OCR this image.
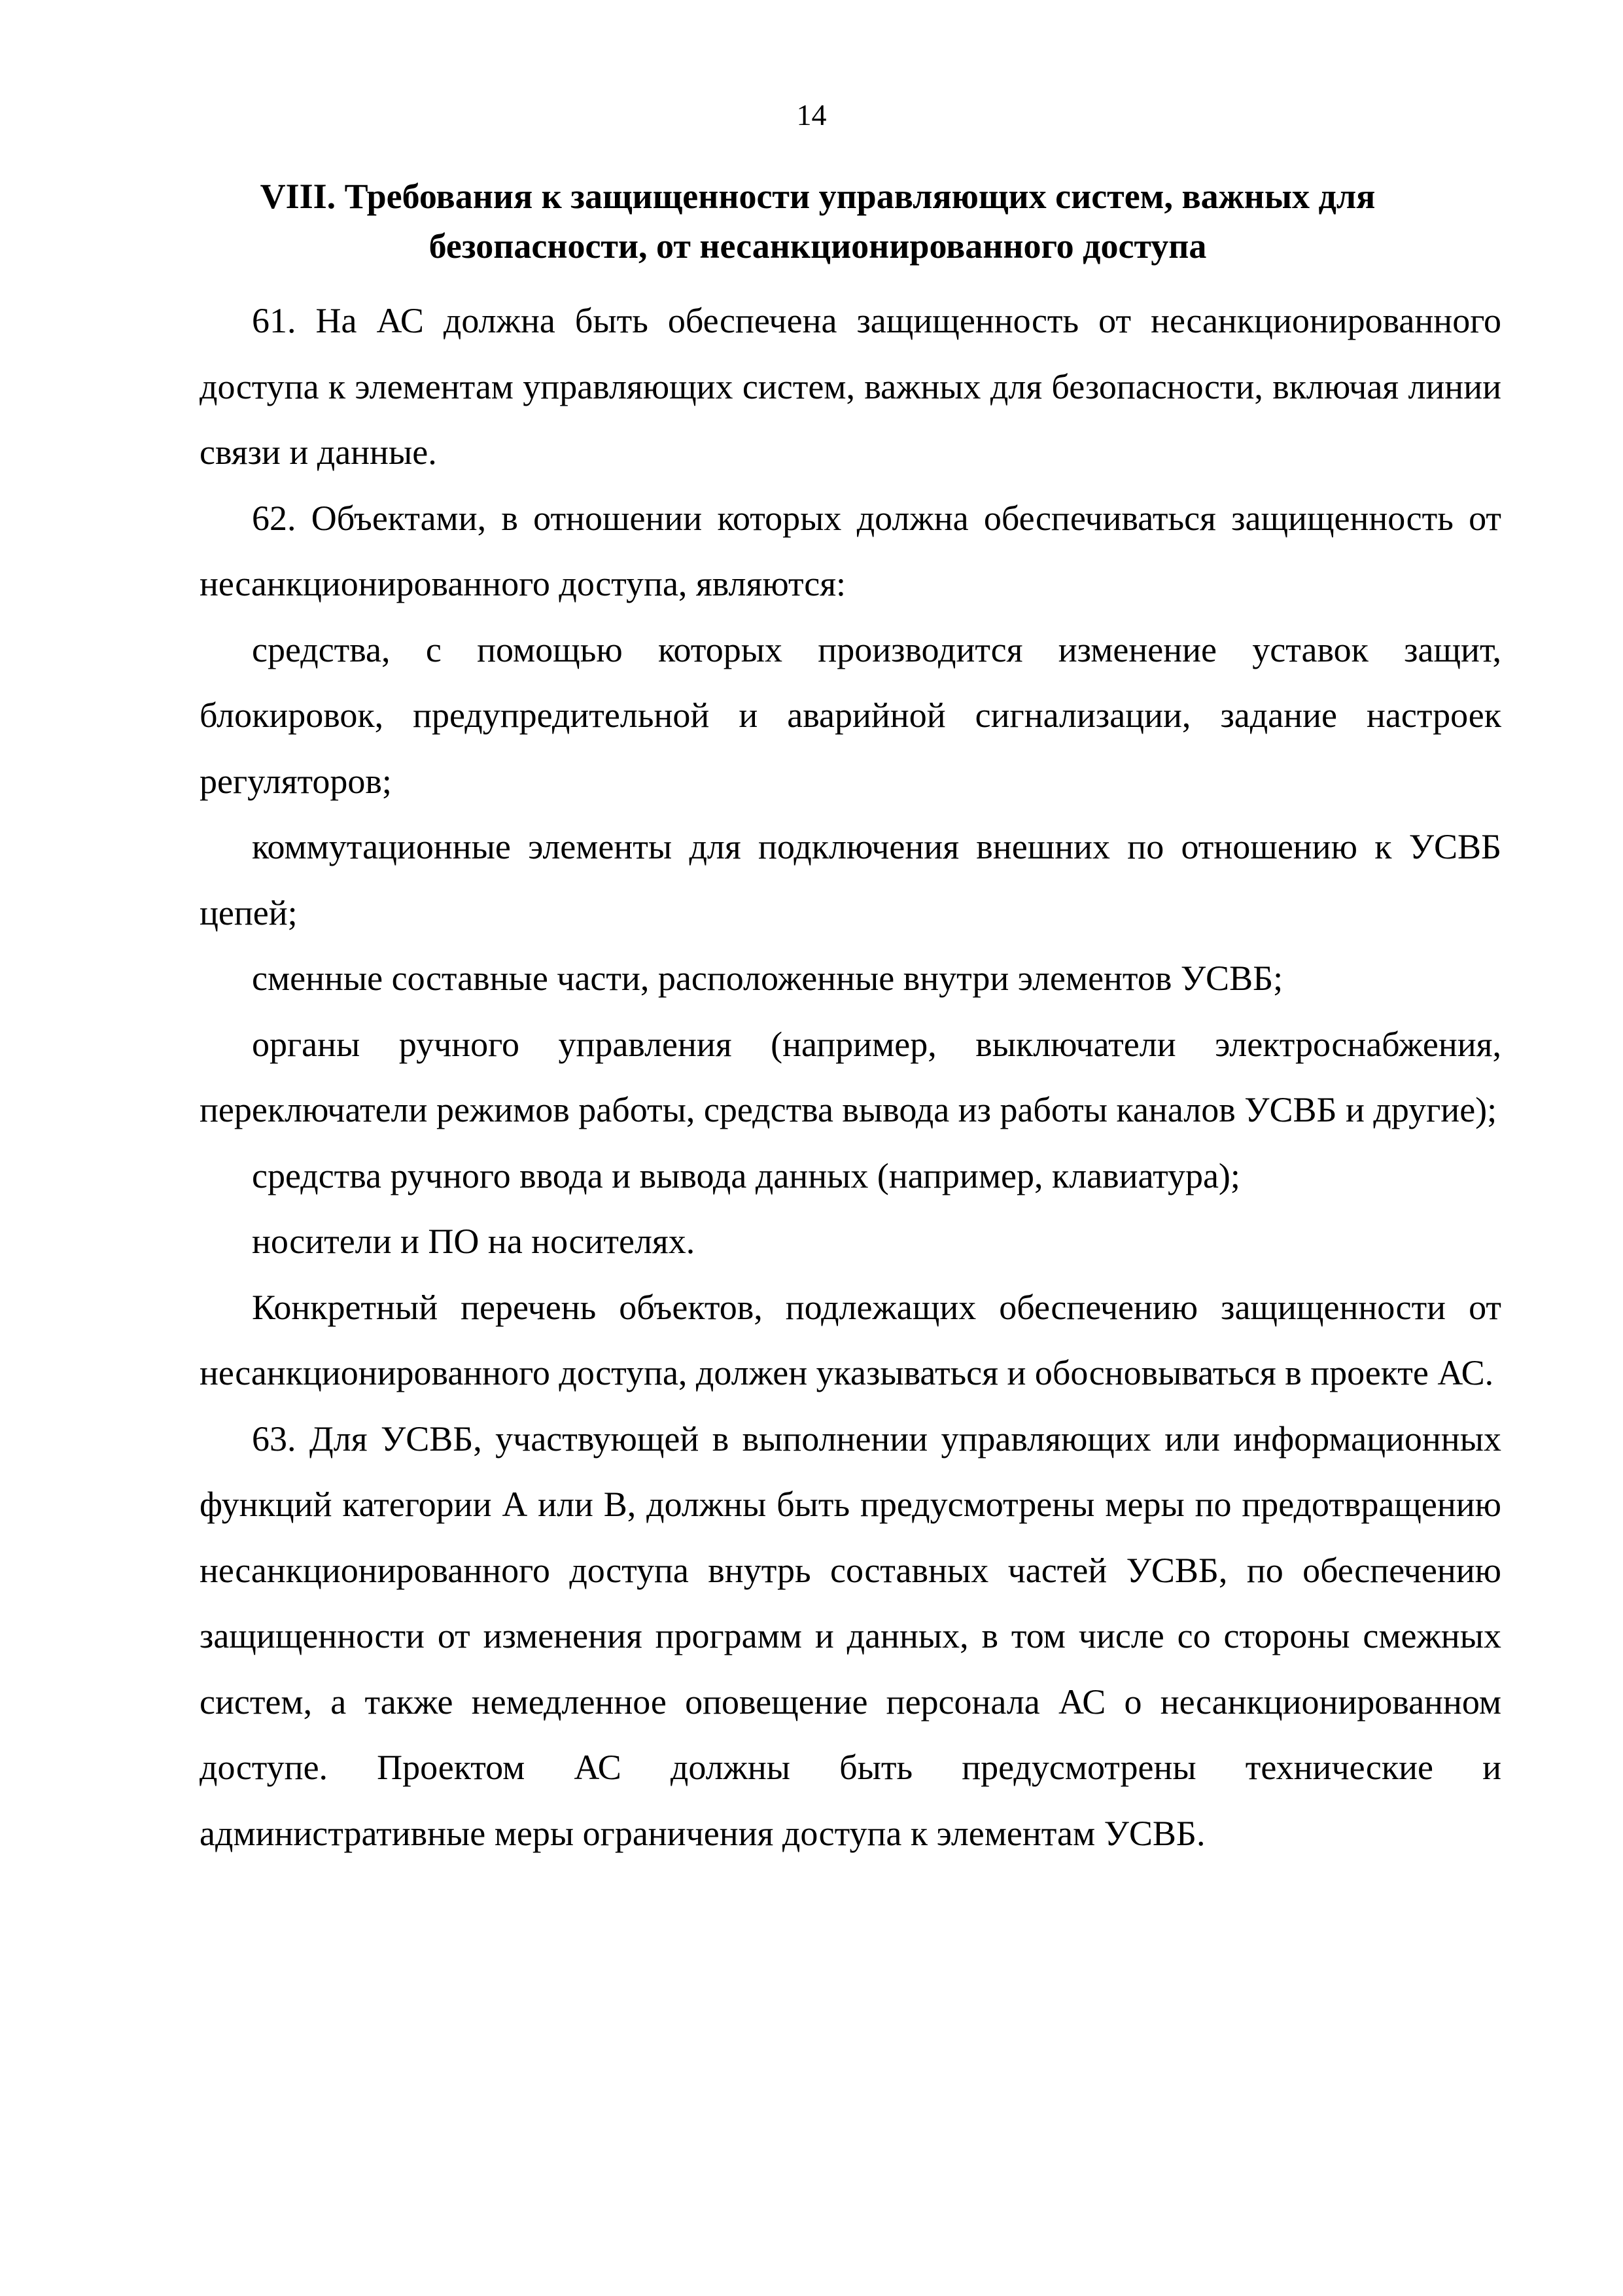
14
VIII. Требования к защищенности управляющих систем, важных для
безопасности, от несанкционированного доступа

61. На АС должна быть обеспечена защищенность от несанкционированного доступа к элементам управляющих систем, важных для безопасности, включая линии связи и данные.

62. Объектами, в отношении которых должна обеспечиваться защищенность от несанкционированного доступа, являются:

средства, с помощью которых производится изменение уставок защит, блокировок, предупредительной и аварийной сигнализации, задание настроек регуляторов;

коммутационные элементы для подключения внешних по отношению к УСВБ цепей;

сменные составные части, расположенные внутри элементов УСВБ;

органы ручного управления (например, выключатели электроснабжения, переключатели режимов работы, средства вывода из работы каналов УСВБ и другие);

средства ручного ввода и вывода данных (например, клавиатура);

носители и ПО на носителях.

Конкретный перечень объектов, подлежащих обеспечению защищенности от несанкционированного доступа, должен указываться и обосновываться в проекте АС.

63. Для УСВБ, участвующей в выполнении управляющих или информационных функций категории А или В, должны быть предусмотрены меры по предотвращению несанкционированного доступа внутрь составных частей УСВБ, по обеспечению защищенности от изменения программ и данных, в том числе со стороны смежных систем, а также немедленное оповещение персонала АС о несанкционированном доступе. Проектом АС должны быть предусмотрены технические и административные меры ограничения доступа к элементам УСВБ.
